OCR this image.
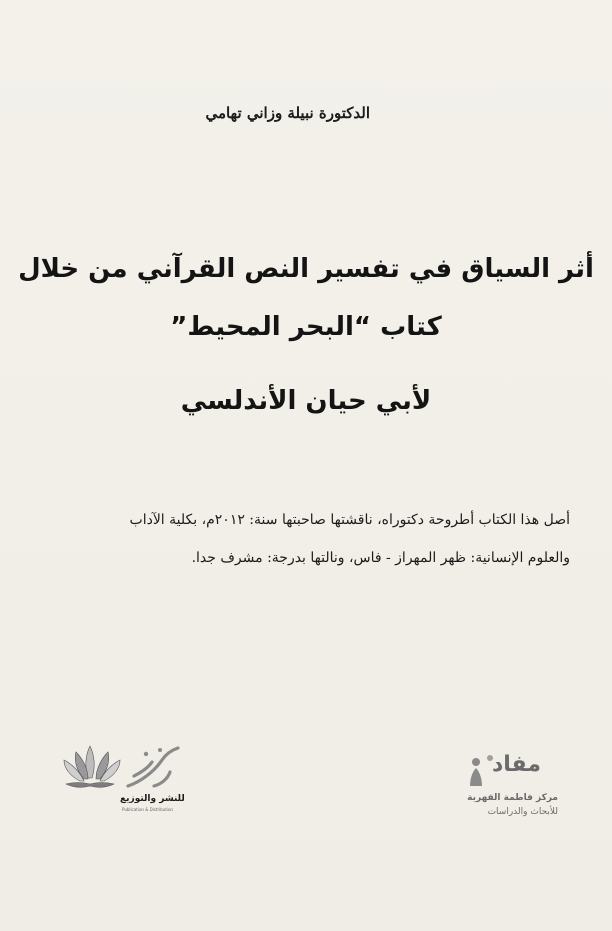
الدكتورة نبيلة وزاني تهامي
أثر السياق في تفسير النص القرآني من خلال
كتاب “البحر المحيط”
لأبي حيان الأندلسي
أصل هذا الكتاب أطروحة دكتوراه، ناقشتها صاحبتها سنة: ٢٠١٢م، بكلية الآداب
والعلوم الإنسانية: ظهر المهراز - فاس، ونالتها بدرجة: مشرف جدا.
للنشر والتوزيع
Publication & Distribution
مفاد
مركز فاطمة الفهرية
للأبحاث والدراسات
